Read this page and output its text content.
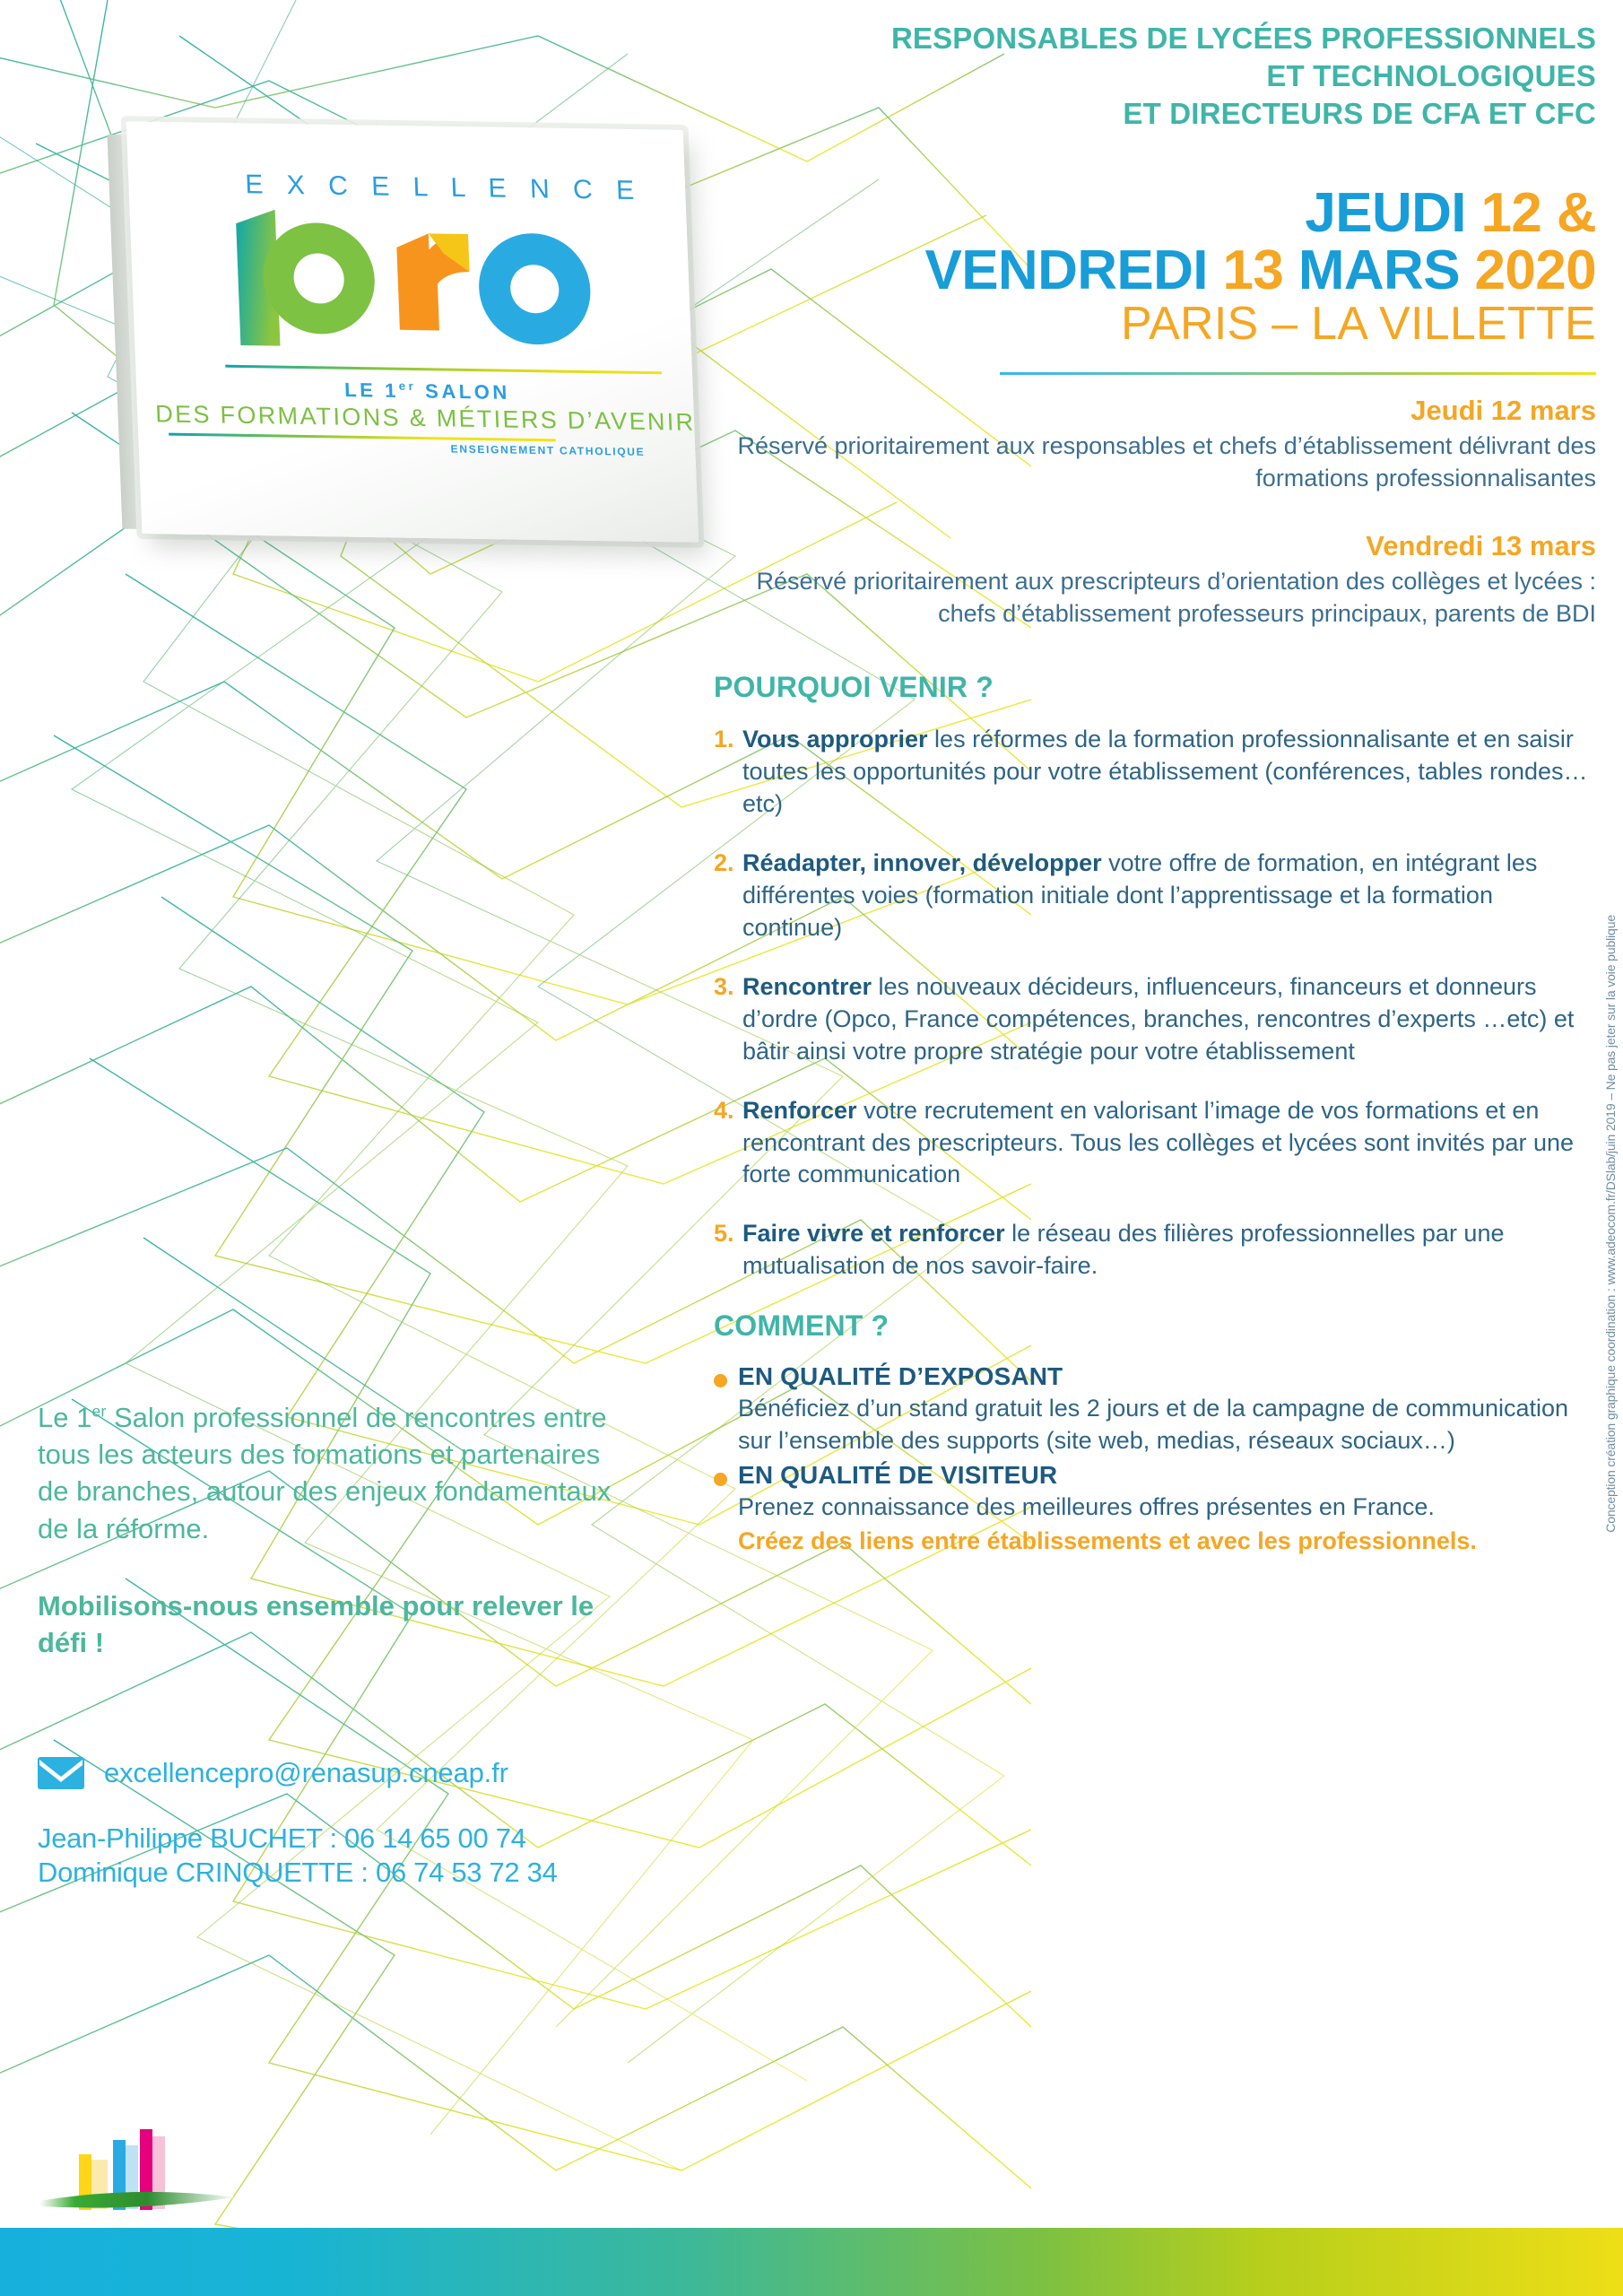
E X C E L L E N C E
LE 1er SALON
DES FORMATIONS & MÉTIERS D’AVENIR
ENSEIGNEMENT CATHOLIQUE
RESPONSABLES DE LYCÉES PROFESSIONNELS
ET TECHNOLOGIQUES
ET DIRECTEURS DE CFA ET CFC
JEUDI 12 &
VENDREDI 13 MARS 2020
PARIS – LA VILLETTE
Jeudi 12 mars
Réservé prioritairement aux responsables et chefs d’établissement délivrant des formations professionnalisantes
Vendredi 13 mars
Réservé prioritairement aux prescripteurs d’orientation des collèges et lycées : chefs d’établissement professeurs principaux, parents de BDI
POURQUOI VENIR ?
1. Vous approprier les réformes de la formation professionnalisante et en saisir toutes les opportunités pour votre établissement (conférences, tables rondes… etc)
2. Réadapter, innover, développer votre offre de formation, en intégrant les différentes voies (formation initiale dont l’apprentissage et la formation continue)
3. Rencontrer les nouveaux décideurs, influenceurs, financeurs et donneurs d’ordre (Opco, France compétences, branches, rencontres d’experts …etc) et bâtir ainsi votre propre stratégie pour votre établissement
4. Renforcer votre recrutement en valorisant l’image de vos formations et en rencontrant des prescripteurs. Tous les collèges et lycées sont invités par une forte communication
5. Faire vivre et renforcer le réseau des filières professionnelles par une mutualisation de nos savoir-faire.
COMMENT ?
EN QUALITÉ D’EXPOSANT
Bénéficiez d’un stand gratuit les 2 jours et de la campagne de communication sur l’ensemble des supports (site web, medias, réseaux sociaux…)
EN QUALITÉ DE VISITEUR
Prenez connaissance des meilleures offres présentes en France.
Créez des liens entre établissements et avec les professionnels.
Le 1er Salon professionnel de rencontres entre tous les acteurs des formations et partenaires de branches, autour des enjeux fondamentaux de la réforme.
Mobilisons-nous ensemble pour relever le défi !
excellencepro@renasup.cneap.fr
Jean-Philippe BUCHET : 06 14 65 00 74
Dominique CRINQUETTE : 06 74 53 72 34
Conception création graphique coordination : www.adeocom.fr/DSlab/juin 2019 – Ne pas jeter sur la voie publique
